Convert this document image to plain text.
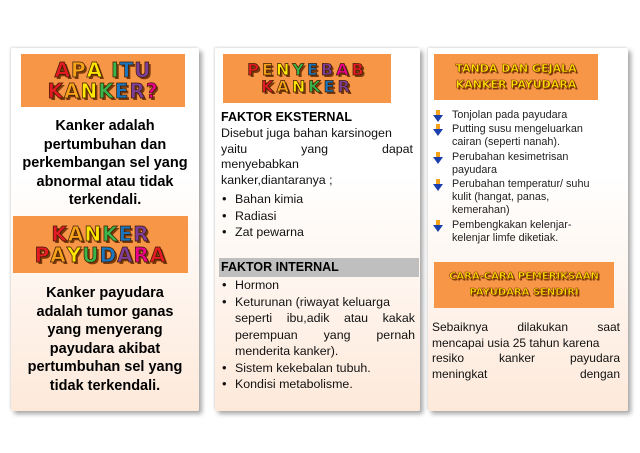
APA ITU
KANKER?
Kanker adalah
pertumbuhan dan
perkembangan sel yang
abnormal atau tidak
terkendali.
KANKER
PAYUDARA
Kanker payudara
adalah tumor ganas
yang menyerang
payudara akibat
pertumbuhan sel yang
tidak terkendali.
PENYEBAB
KANKER
FAKTOR EKSTERNAL
Disebut juga bahan karsinogen
yaitu	yang	dapat
menyebabkan
kanker,diantaranya ;
• Bahan kimia
• Radiasi
• Zat pewarna
FAKTOR INTERNAL
• Hormon
• Keturunan (riwayat keluarga
seperti ibu,adik atau kakak
perempuan yang pernah
menderita kanker).
• Sistem kekebalan tubuh.
• Kondisi metabolisme.
TANDA DAN GEJALA
KANKER PAYUDARA
Tonjolan pada payudara
Putting susu mengeluarkan
cairan (seperti nanah).
Perubahan kesimetrisan
payudara
Perubahan temperatur/ suhu
kulit (hangat, panas,
kemerahan)
Pembengkakan kelenjar-
kelenjar limfe diketiak.
CARA-CARA PEMERIKSAAN
PAYUDARA SENDIRI
Sebaiknya dilakukan saat
mencapai usia 25 tahun karena
resiko	kanker	payudara
meningkat	dengan
